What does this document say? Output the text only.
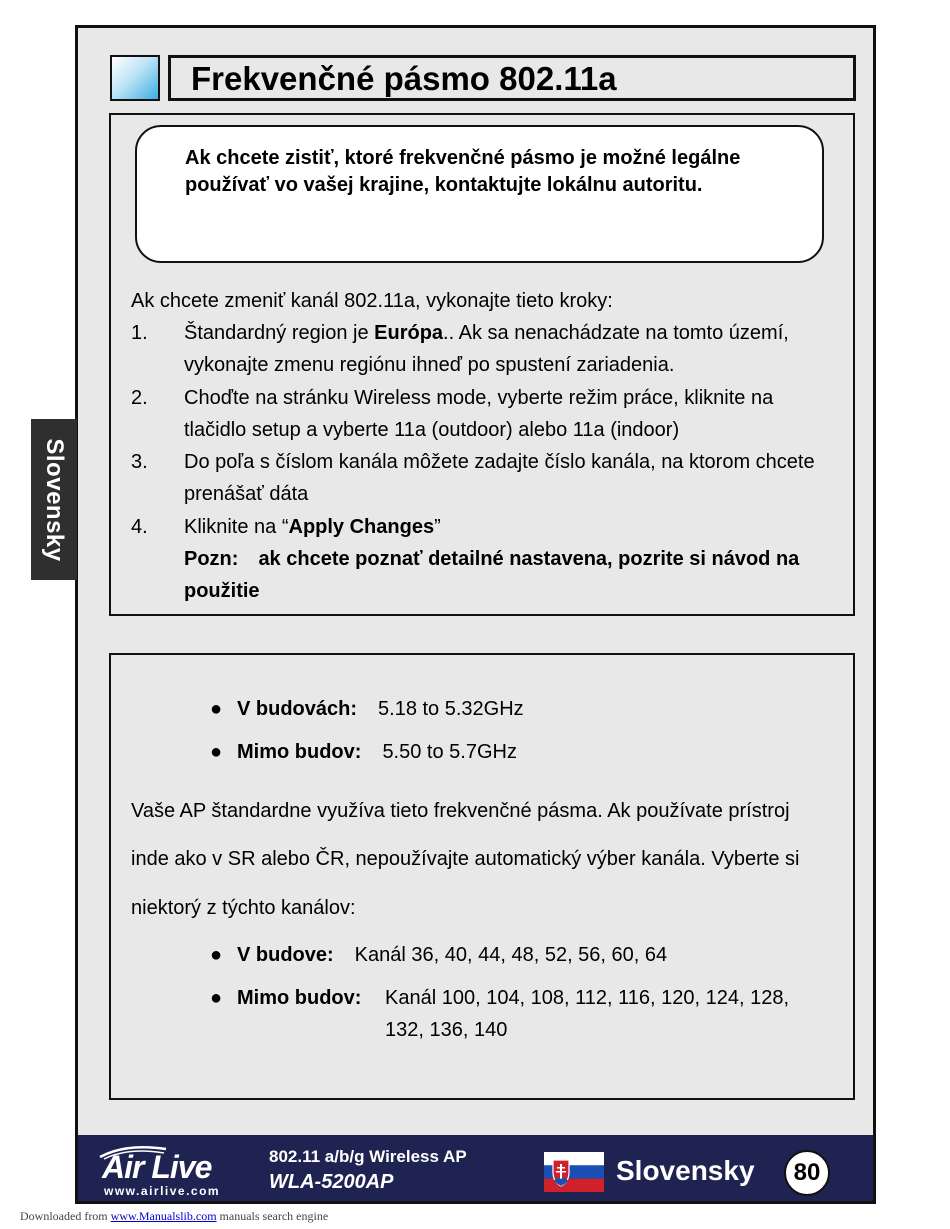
Frekvenčné pásmo 802.11a
Ak chcete zistiť, ktoré frekvenčné pásmo je možné legálne používať vo vašej krajine, kontaktujte lokálnu autoritu.
Ak chcete zmeniť kanál 802.11a, vykonajte tieto kroky:
1. Štandardný region je Európa.. Ak sa nenachádzate na tomto území,
vykonajte zmenu regiónu ihneď po spustení zariadenia.
2. Choďte na stránku Wireless mode, vyberte režim práce, kliknite na
tlačidlo setup a vyberte 11a (outdoor) alebo 11a (indoor)
3. Do poľa s číslom kanála môžete zadajte číslo kanála, na ktorom chcete
prenášať dáta
4. Kliknite na “Apply Changes”
Pozn: ak chcete poznať detailné nastavena, pozrite si návod na
použitie
● V budovách: 5.18 to 5.32GHz
● Mimo budov: 5.50 to 5.7GHz
Vaše AP štandardne využíva tieto frekvenčné pásma. Ak používate prístroj
inde ako v SR alebo ČR, nepoužívajte automatický výber kanála. Vyberte si
niektorý z týchto kanálov:
● V budove: Kanál 36, 40, 44, 48, 52, 56, 60, 64
● Mimo budov: Kanál 100, 104, 108, 112, 116, 120, 124, 128,
132, 136, 140
Slovensky
Air Live
www.airlive.com
802.11 a/b/g Wireless AP
WLA-5200AP	Slovensky	80
Downloaded from www.Manualslib.com manuals search engine
